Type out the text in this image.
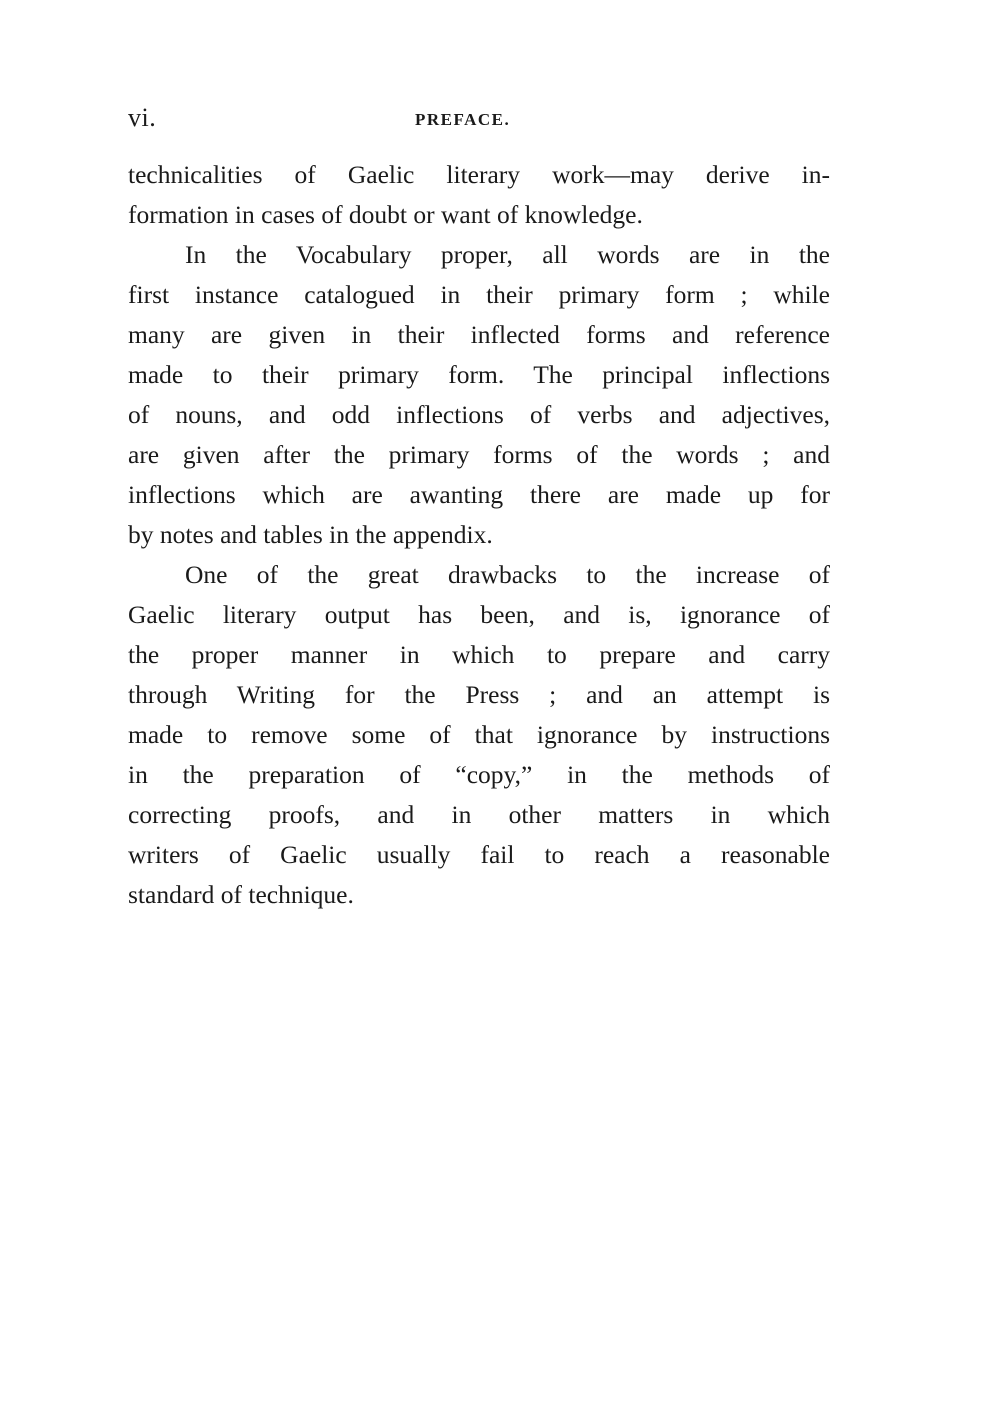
vi.	PREFACE.
technicalities of Gaelic literary work—may derive in-
formation in cases of doubt or want of knowledge.
In the Vocabulary proper, all words are in the
first instance catalogued in their primary form ; while
many are given in their inflected forms and reference
made to their primary form. The principal inflections
of nouns, and odd inflections of verbs and adjectives,
are given after the primary forms of the words ; and
inflections which are awanting there are made up for
by notes and tables in the appendix.
One of the great drawbacks to the increase of
Gaelic literary output has been, and is, ignorance of
the proper manner in which to prepare and carry
through Writing for the Press ; and an attempt is
made to remove some of that ignorance by instructions
in the preparation of “copy,” in the methods of
correcting proofs, and in other matters in which
writers of Gaelic usually fail to reach a reasonable
standard of technique.
